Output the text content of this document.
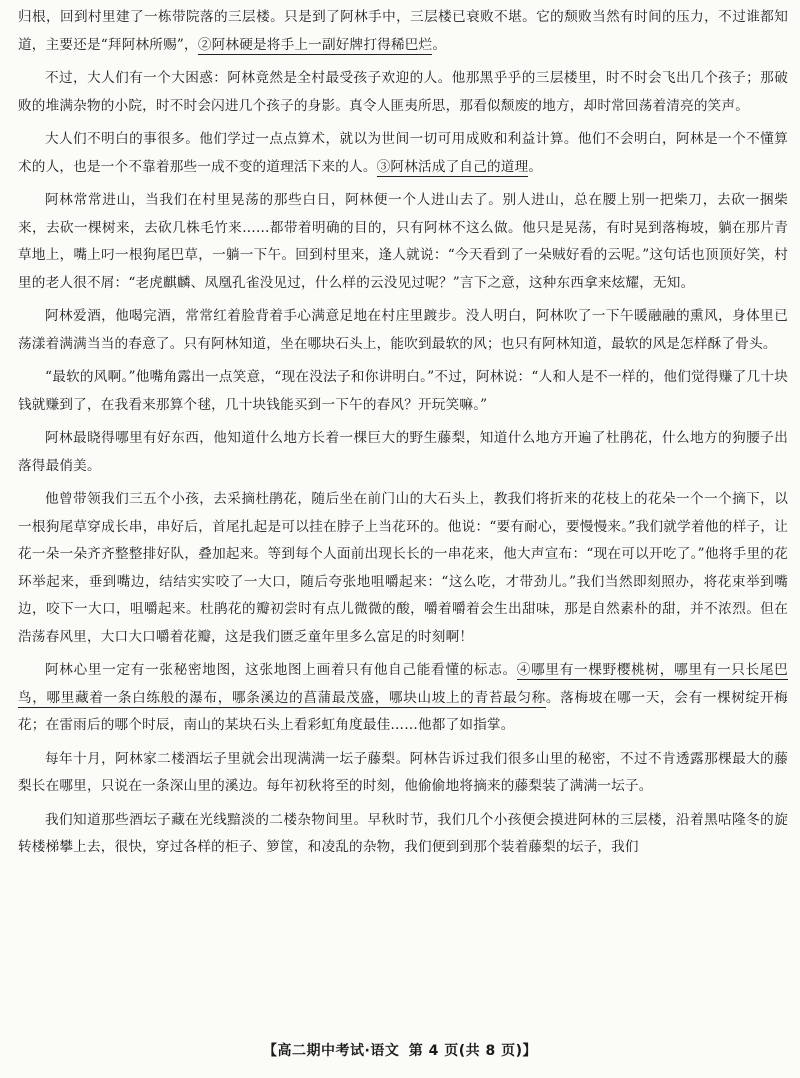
归根，回到村里建了一栋带院落的三层楼。只是到了阿林手中，三层楼已衰败不堪。它的颓败当然有时间的压力，不过谁都知道，主要还是“拜阿林所赐”，②阿林硬是将手上一副好牌打得稀巴烂。

不过，大人们有一个大困惑：阿林竟然是全村最受孩子欢迎的人。他那黑乎乎的三层楼里，时不时会飞出几个孩子；那破败的堆满杂物的小院，时不时会闪进几个孩子的身影。真令人匪夷所思，那看似颓废的地方，却时常回荡着清亮的笑声。

大人们不明白的事很多。他们学过一点点算术，就以为世间一切可用成败和利益计算。他们不会明白，阿林是一个不懂算术的人，也是一个不靠着那些一成不变的道理活下来的人。③阿林活成了自己的道理。

阿林常常进山，当我们在村里晃荡的那些白日，阿林便一个人进山去了。别人进山，总在腰上别一把柴刀，去砍一捆柴来，去砍一棵树来，去砍几株毛竹来……都带着明确的目的，只有阿林不这么做。他只是晃荡，有时晃到落梅坡，躺在那片青草地上，嘴上叼一根狗尾巴草，一躺一下午。回到村里来，逢人就说：“今天看到了一朵贼好看的云呢。”这句话也顶顶好笑，村里的老人很不屑：“老虎麒麟、凤凰孔雀没见过，什么样的云没见过呢？”言下之意，这种东西拿来炫耀，无知。

阿林爱酒，他喝完酒，常常红着脸背着手心满意足地在村庄里踱步。没人明白，阿林吹了一下午暖融融的熏风，身体里已荡漾着满满当当的春意了。只有阿林知道，坐在哪块石头上，能吹到最软的风；也只有阿林知道，最软的风是怎样酥了骨头。

“最软的风啊。”他嘴角露出一点笑意，“现在没法子和你讲明白。”不过，阿林说：“人和人是不一样的，他们觉得赚了几十块钱就赚到了，在我看来那算个毬，几十块钱能买到一下午的春风？开玩笑嘛。”

阿林最晓得哪里有好东西，他知道什么地方长着一棵巨大的野生藤梨，知道什么地方开遍了杜鹃花，什么地方的狗腰子出落得最俏美。

他曾带领我们三五个小孩，去采摘杜鹃花，随后坐在前门山的大石头上，教我们将折来的花枝上的花朵一个一个摘下，以一根狗尾草穿成长串，串好后，首尾扎起是可以挂在脖子上当花环的。他说：“要有耐心，要慢慢来。”我们就学着他的样子，让花一朵一朵齐齐整整排好队，叠加起来。等到每个人面前出现长长的一串花来，他大声宣布：“现在可以开吃了。”他将手里的花环举起来，垂到嘴边，结结实实咬了一大口，随后夸张地咀嚼起来：“这么吃，才带劲儿。”我们当然即刻照办，将花束举到嘴边，咬下一大口，咀嚼起来。杜鹃花的瓣初尝时有点儿微微的酸，嚼着嚼着会生出甜味，那是自然素朴的甜，并不浓烈。但在浩荡春风里，大口大口嚼着花瓣，这是我们匮乏童年里多么富足的时刻啊！

阿林心里一定有一张秘密地图，这张地图上画着只有他自己能看懂的标志。④哪里有一棵野樱桃树，哪里有一只长尾巴鸟，哪里藏着一条白练般的瀑布，哪条溪边的菖蒲最茂盛，哪块山坡上的青苔最匀称。落梅坡在哪一天，会有一棵树绽开梅花；在雷雨后的哪个时辰，南山的某块石头上看彩虹角度最佳……他都了如指掌。

每年十月，阿林家二楼酒坛子里就会出现满满一坛子藤梨。阿林告诉过我们很多山里的秘密，不过不肯透露那棵最大的藤梨长在哪里，只说在一条深山里的溪边。每年初秋将至的时刻，他偷偷地将摘来的藤梨装了满满一坛子。

我们知道那些酒坛子藏在光线黯淡的二楼杂物间里。早秋时节，我们几个小孩便会摸进阿林的三层楼，沿着黑咕隆冬的旋转楼梯攀上去，很快，穿过各样的柜子、箩筐，和凌乱的杂物，我们便到到那个装着藤梨的坛子，我们

【高二期中考试·语文 第 4 页(共 8 页)】
